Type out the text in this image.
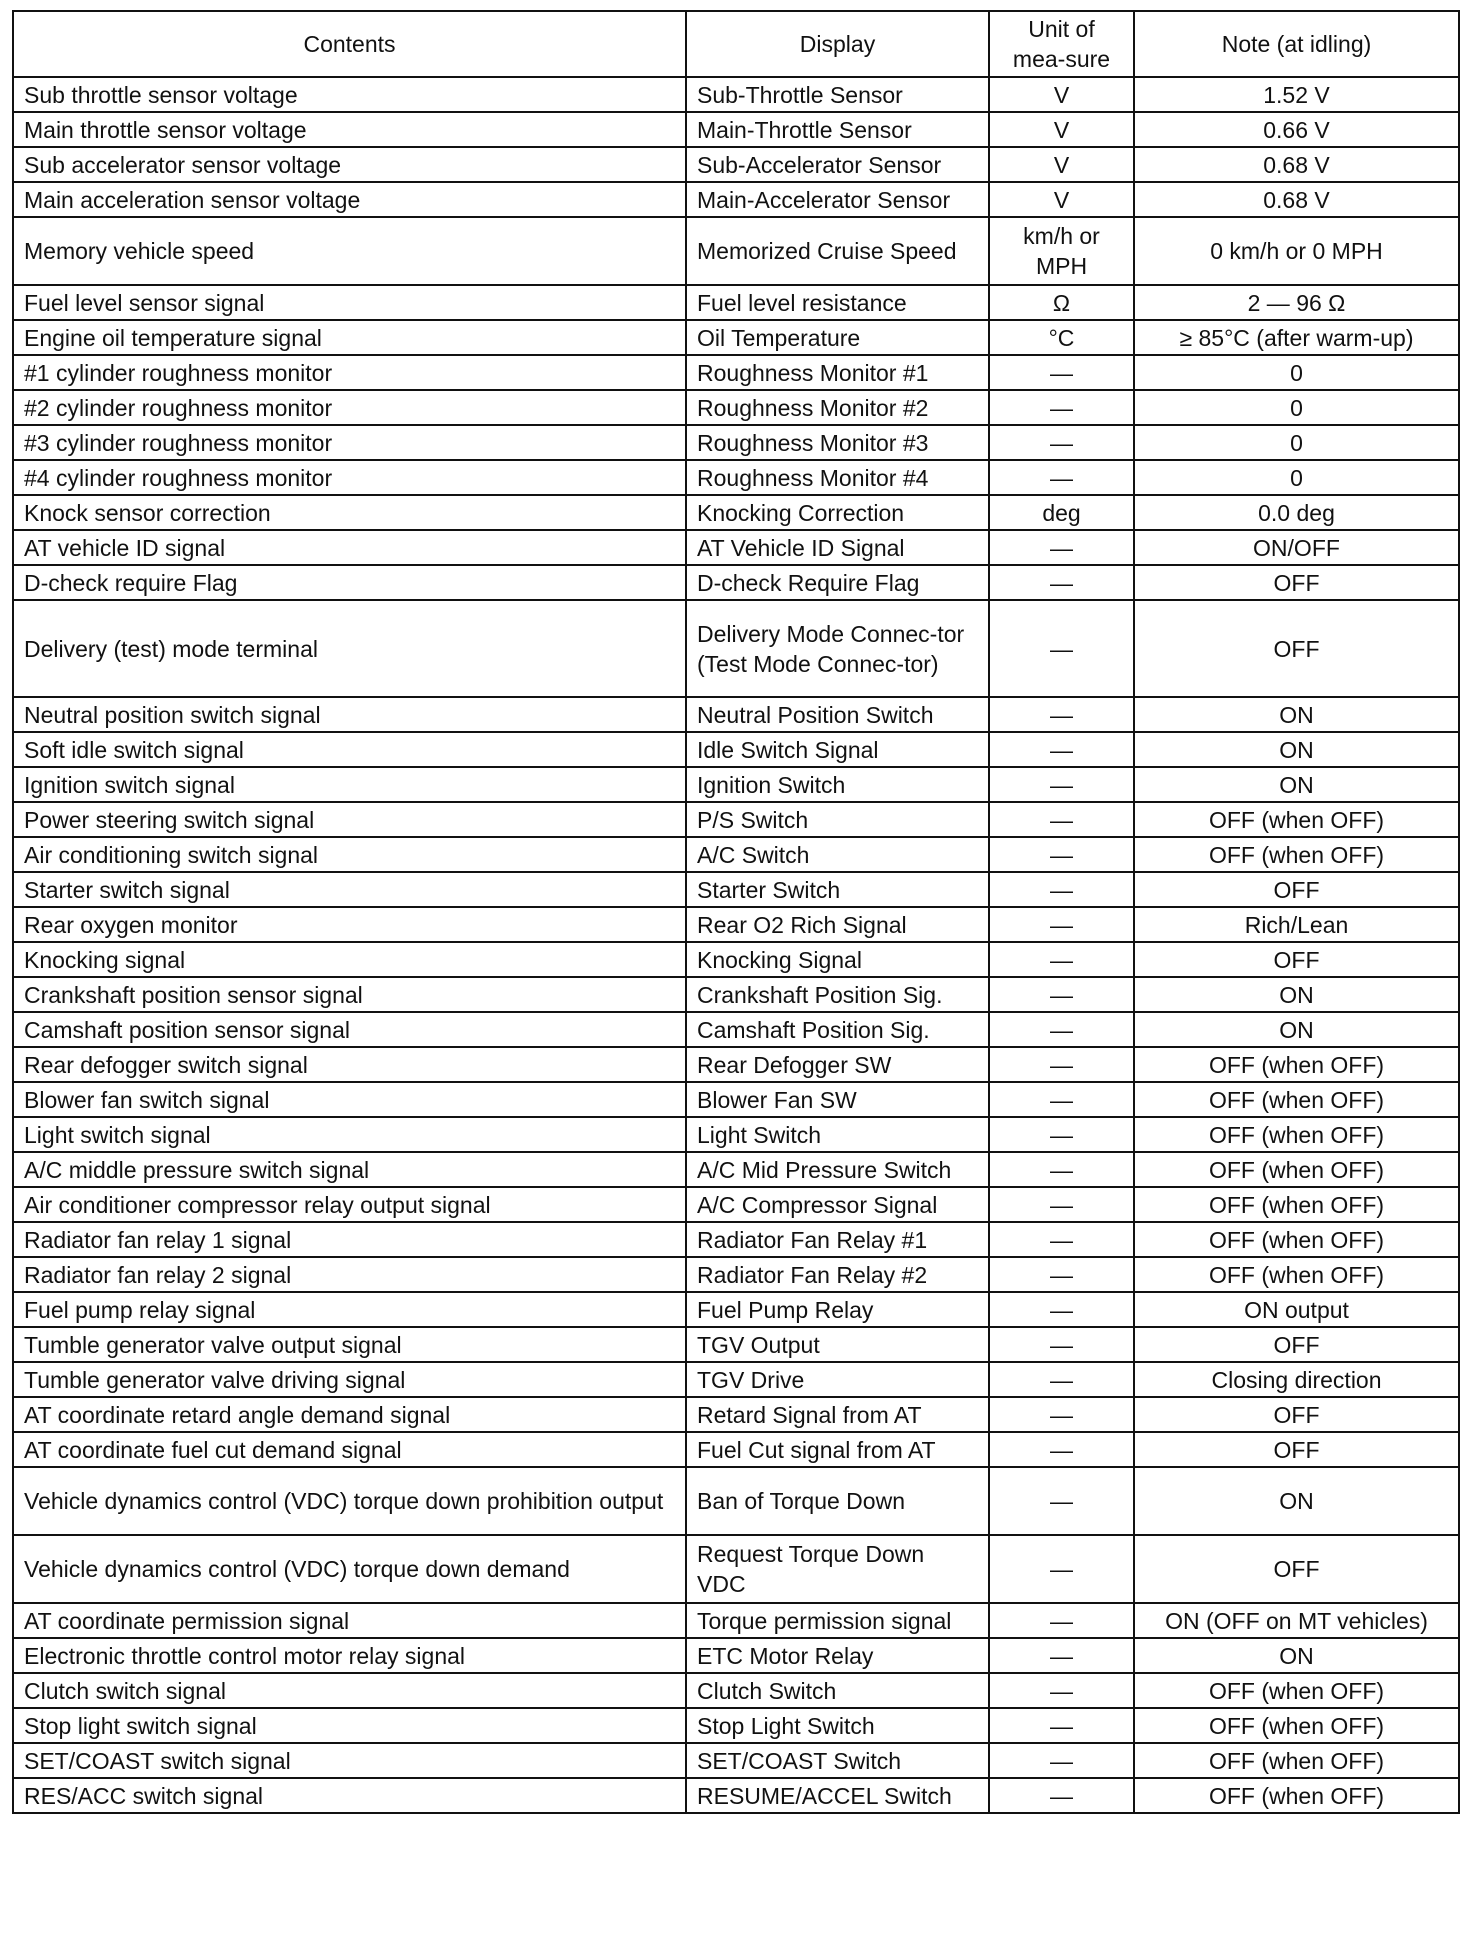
Contents	Display	Unit of mea-sure	Note (at idling)
Sub throttle sensor voltage	Sub-Throttle Sensor	V	1.52 V
Main throttle sensor voltage	Main-Throttle Sensor	V	0.66 V
Sub accelerator sensor voltage	Sub-Accelerator Sensor	V	0.68 V
Main acceleration sensor voltage	Main-Accelerator Sensor	V	0.68 V
Memory vehicle speed	Memorized Cruise Speed	km/h or MPH	0 km/h or 0 MPH
Fuel level sensor signal	Fuel level resistance	Ω	2 — 96 Ω
Engine oil temperature signal	Oil Temperature	°C	≥ 85°C (after warm-up)
#1 cylinder roughness monitor	Roughness Monitor #1	—	0
#2 cylinder roughness monitor	Roughness Monitor #2	—	0
#3 cylinder roughness monitor	Roughness Monitor #3	—	0
#4 cylinder roughness monitor	Roughness Monitor #4	—	0
Knock sensor correction	Knocking Correction	deg	0.0 deg
AT vehicle ID signal	AT Vehicle ID Signal	—	ON/OFF
D-check require Flag	D-check Require Flag	—	OFF
Delivery (test) mode terminal	Delivery Mode Connec-tor (Test Mode Connec-tor)	—	OFF
Neutral position switch signal	Neutral Position Switch	—	ON
Soft idle switch signal	Idle Switch Signal	—	ON
Ignition switch signal	Ignition Switch	—	ON
Power steering switch signal	P/S Switch	—	OFF (when OFF)
Air conditioning switch signal	A/C Switch	—	OFF (when OFF)
Starter switch signal	Starter Switch	—	OFF
Rear oxygen monitor	Rear O2 Rich Signal	—	Rich/Lean
Knocking signal	Knocking Signal	—	OFF
Crankshaft position sensor signal	Crankshaft Position Sig.	—	ON
Camshaft position sensor signal	Camshaft Position Sig.	—	ON
Rear defogger switch signal	Rear Defogger SW	—	OFF (when OFF)
Blower fan switch signal	Blower Fan SW	—	OFF (when OFF)
Light switch signal	Light Switch	—	OFF (when OFF)
A/C middle pressure switch signal	A/C Mid Pressure Switch	—	OFF (when OFF)
Air conditioner compressor relay output signal	A/C Compressor Signal	—	OFF (when OFF)
Radiator fan relay 1 signal	Radiator Fan Relay #1	—	OFF (when OFF)
Radiator fan relay 2 signal	Radiator Fan Relay #2	—	OFF (when OFF)
Fuel pump relay signal	Fuel Pump Relay	—	ON output
Tumble generator valve output signal	TGV Output	—	OFF
Tumble generator valve driving signal	TGV Drive	—	Closing direction
AT coordinate retard angle demand signal	Retard Signal from AT	—	OFF
AT coordinate fuel cut demand signal	Fuel Cut signal from AT	—	OFF
Vehicle dynamics control (VDC) torque down prohibition output	Ban of Torque Down	—	ON
Vehicle dynamics control (VDC) torque down demand	Request Torque Down VDC	—	OFF
AT coordinate permission signal	Torque permission signal	—	ON (OFF on MT vehicles)
Electronic throttle control motor relay signal	ETC Motor Relay	—	ON
Clutch switch signal	Clutch Switch	—	OFF (when OFF)
Stop light switch signal	Stop Light Switch	—	OFF (when OFF)
SET/COAST switch signal	SET/COAST Switch	—	OFF (when OFF)
RES/ACC switch signal	RESUME/ACCEL Switch	—	OFF (when OFF)
